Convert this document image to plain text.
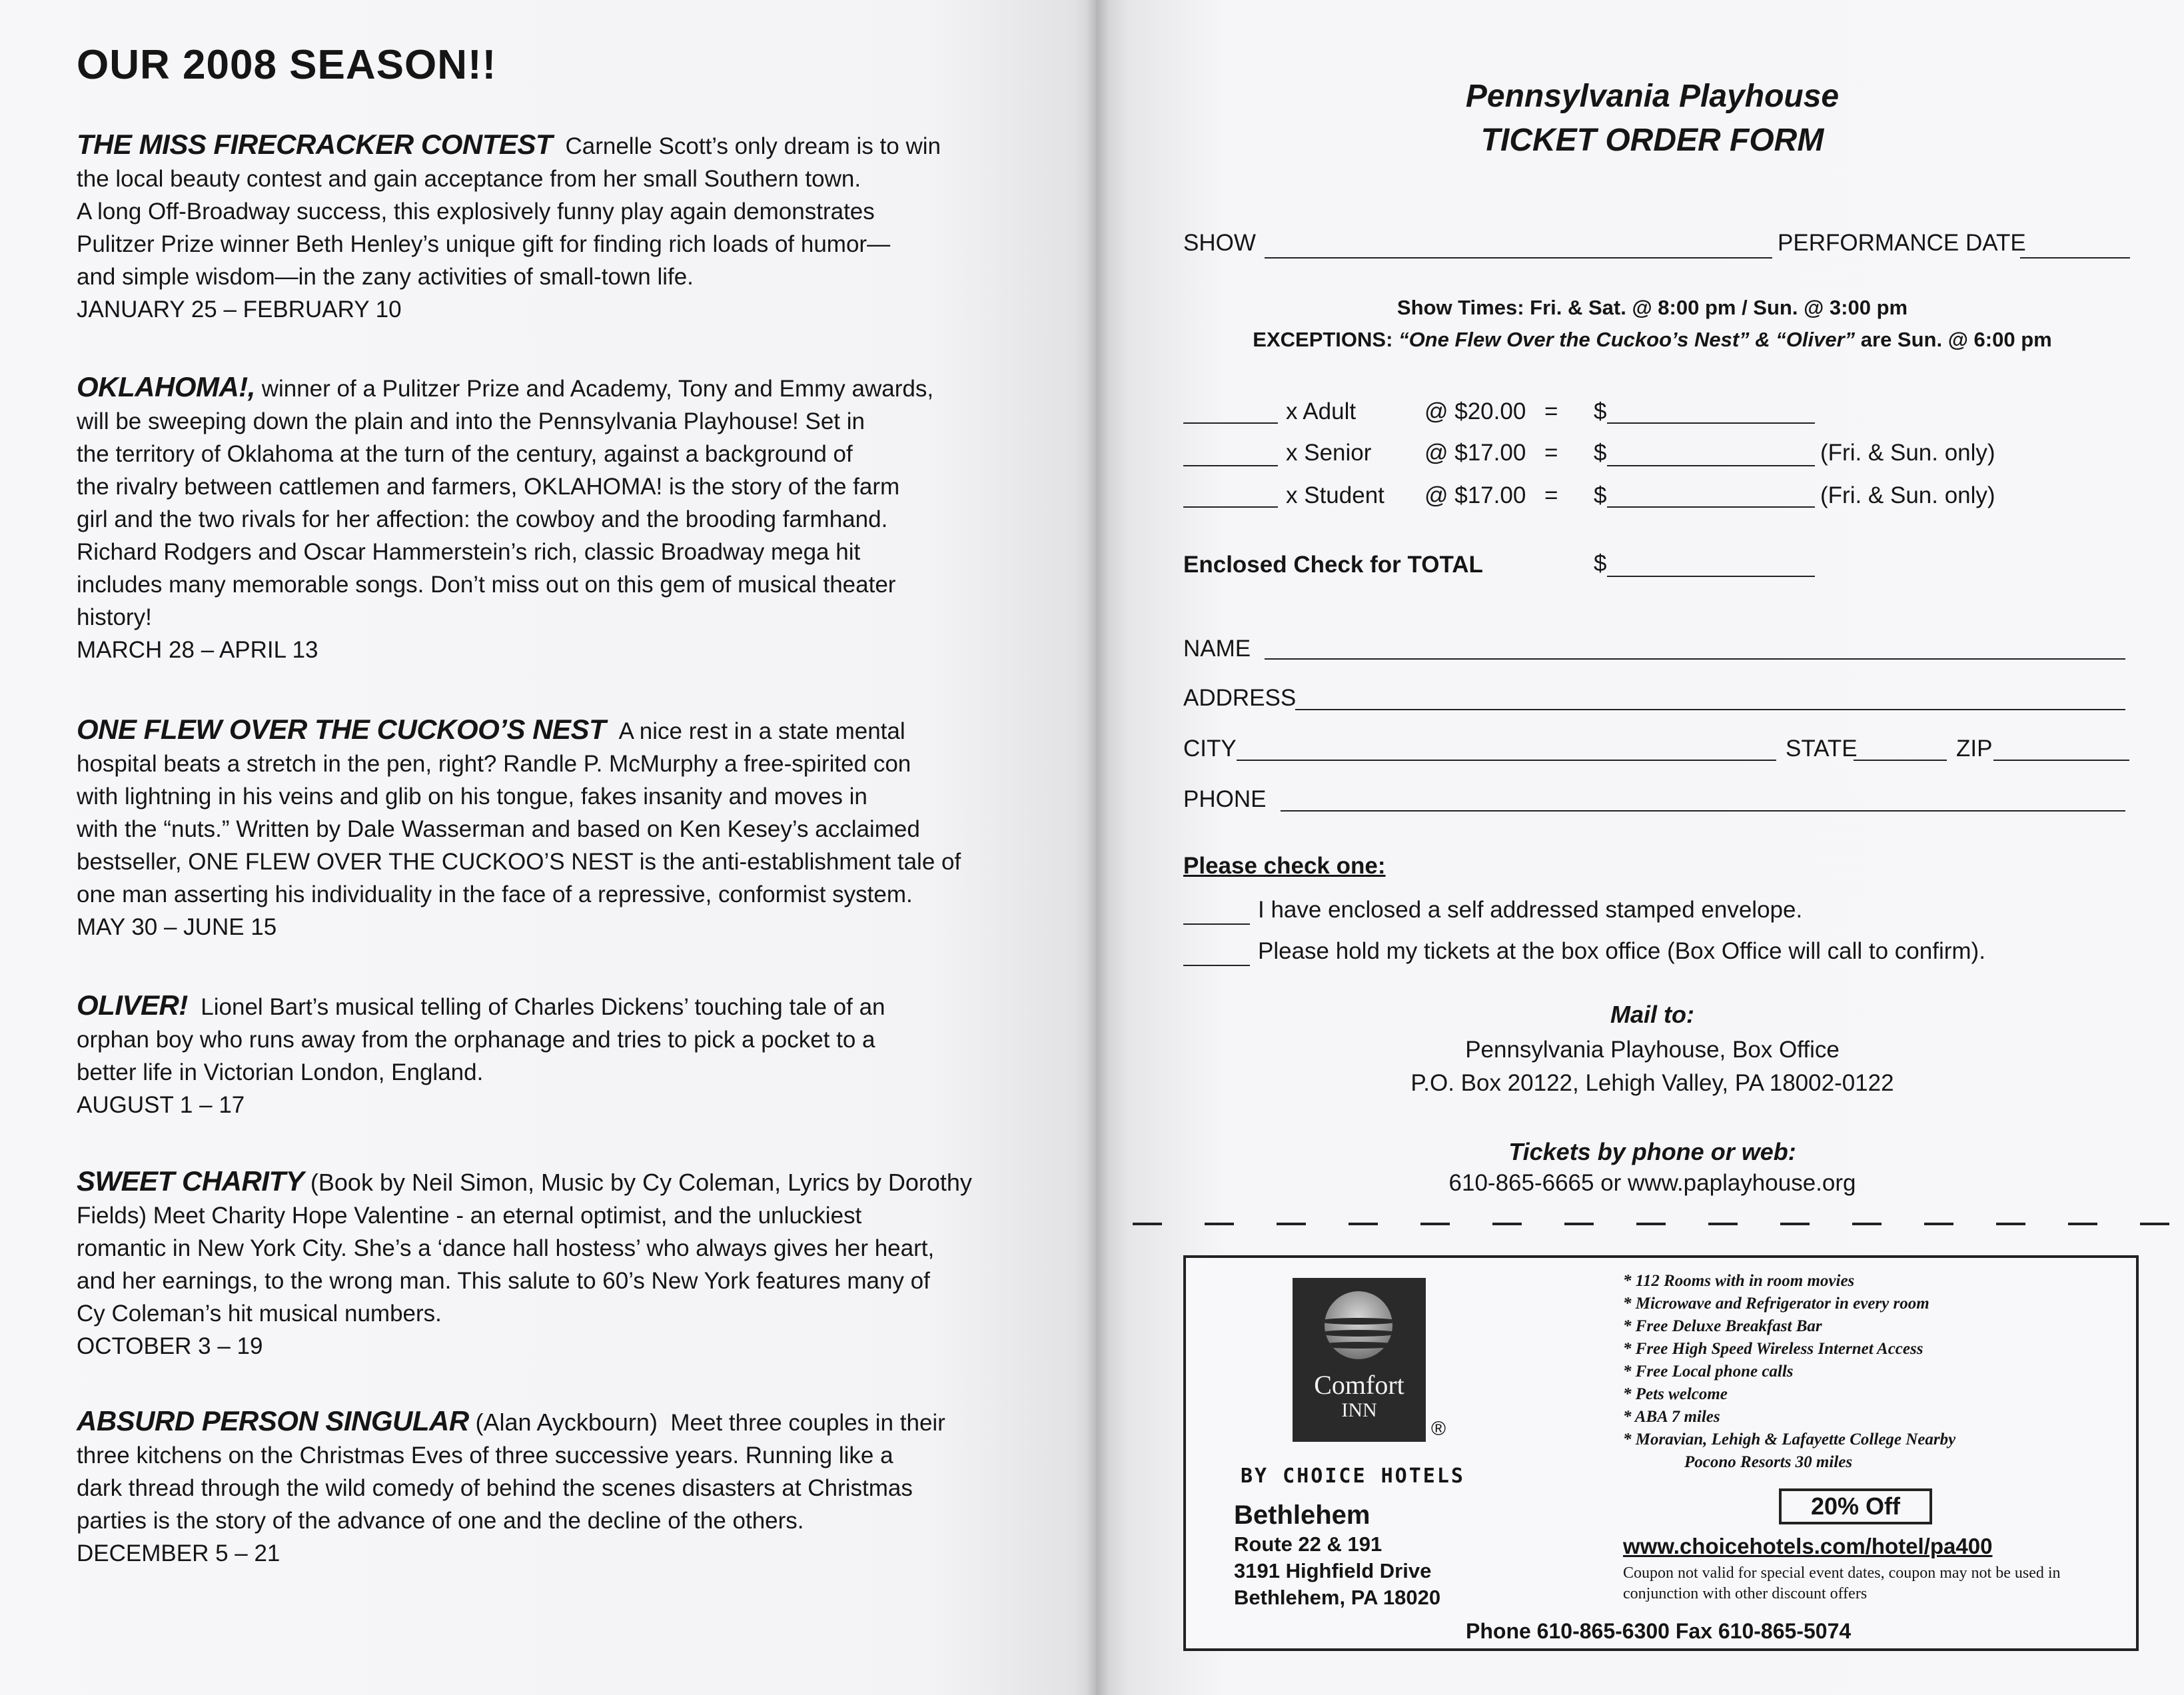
OUR 2008 SEASON!!

THE MISS FIRECRACKER CONTEST Carnelle Scott’s only dream is to win

the local beauty contest and gain acceptance from her small Southern town.

A long Off-Broadway success, this explosively funny play again demonstrates

Pulitzer Prize winner Beth Henley’s unique gift for finding rich loads of humor—

and simple wisdom—in the zany activities of small-town life.

JANUARY 25 – FEBRUARY 10

OKLAHOMA!, winner of a Pulitzer Prize and Academy, Tony and Emmy awards,

will be sweeping down the plain and into the Pennsylvania Playhouse! Set in

the territory of Oklahoma at the turn of the century, against a background of

the rivalry between cattlemen and farmers, OKLAHOMA! is the story of the farm

girl and the two rivals for her affection: the cowboy and the brooding farmhand.

Richard Rodgers and Oscar Hammerstein’s rich, classic Broadway mega hit

includes many memorable songs. Don’t miss out on this gem of musical theater

history!

MARCH 28 – APRIL 13

ONE FLEW OVER THE CUCKOO’S NEST A nice rest in a state mental

hospital beats a stretch in the pen, right? Randle P. McMurphy a free-spirited con

with lightning in his veins and glib on his tongue, fakes insanity and moves in

with the “nuts.” Written by Dale Wasserman and based on Ken Kesey’s acclaimed

bestseller, ONE FLEW OVER THE CUCKOO’S NEST is the anti-establishment tale of

one man asserting his individuality in the face of a repressive, conformist system.

MAY 30 – JUNE 15

OLIVER! Lionel Bart’s musical telling of Charles Dickens’ touching tale of an

orphan boy who runs away from the orphanage and tries to pick a pocket to a

better life in Victorian London, England.

AUGUST 1 – 17

SWEET CHARITY (Book by Neil Simon, Music by Cy Coleman, Lyrics by Dorothy

Fields) Meet Charity Hope Valentine - an eternal optimist, and the unluckiest

romantic in New York City. She’s a ‘dance hall hostess’ who always gives her heart,

and her earnings, to the wrong man. This salute to 60’s New York features many of

Cy Coleman’s hit musical numbers.

OCTOBER 3 – 19

ABSURD PERSON SINGULAR (Alan Ayckbourn) Meet three couples in their

three kitchens on the Christmas Eves of three successive years. Running like a

dark thread through the wild comedy of behind the scenes disasters at Christmas

parties is the story of the advance of one and the decline of the others.

DECEMBER 5 – 21
Pennsylvania Playhouse
TICKET ORDER FORM
SHOW	PERFORMANCE DATE
Show Times: Fri. & Sat. @ 8:00 pm / Sun. @ 3:00 pm
EXCEPTIONS: “One Flew Over the Cuckoo’s Nest” & “Oliver” are Sun. @ 6:00 pm
x Adult	@ $20.00 = $
x Senior @ $17.00 = $	(Fri. & Sun. only)
x Student @ $17.00 = $	(Fri. & Sun. only)
Enclosed Check for TOTAL	$
NAME
ADDRESS
CITY	STATE	ZIP
PHONE
Please check one:
I have enclosed a self addressed stamped envelope.
Please hold my tickets at the box office (Box Office will call to confirm).
Mail to:
Pennsylvania Playhouse, Box Office
P.O. Box 20122, Lehigh Valley, PA 18002-0122
Tickets by phone or web:
610-865-6665 or www.paplayhouse.org
Comfort
INN
®
BY CHOICE HOTELS
Bethlehem
Route 22 & 191
3191 Highfield Drive
Bethlehem, PA 18020
* 112 Rooms with in room movies
* Microwave and Refrigerator in every room
* Free Deluxe Breakfast Bar
* Free High Speed Wireless Internet Access
* Free Local phone calls
* Pets welcome
* ABA 7 miles
* Moravian, Lehigh & Lafayette College Nearby
Pocono Resorts 30 miles
20% Off
www.choicehotels.com/hotel/pa400
Coupon not valid for special event dates, coupon may not be used in conjunction with other discount offers
Phone 610-865-6300 Fax 610-865-5074
